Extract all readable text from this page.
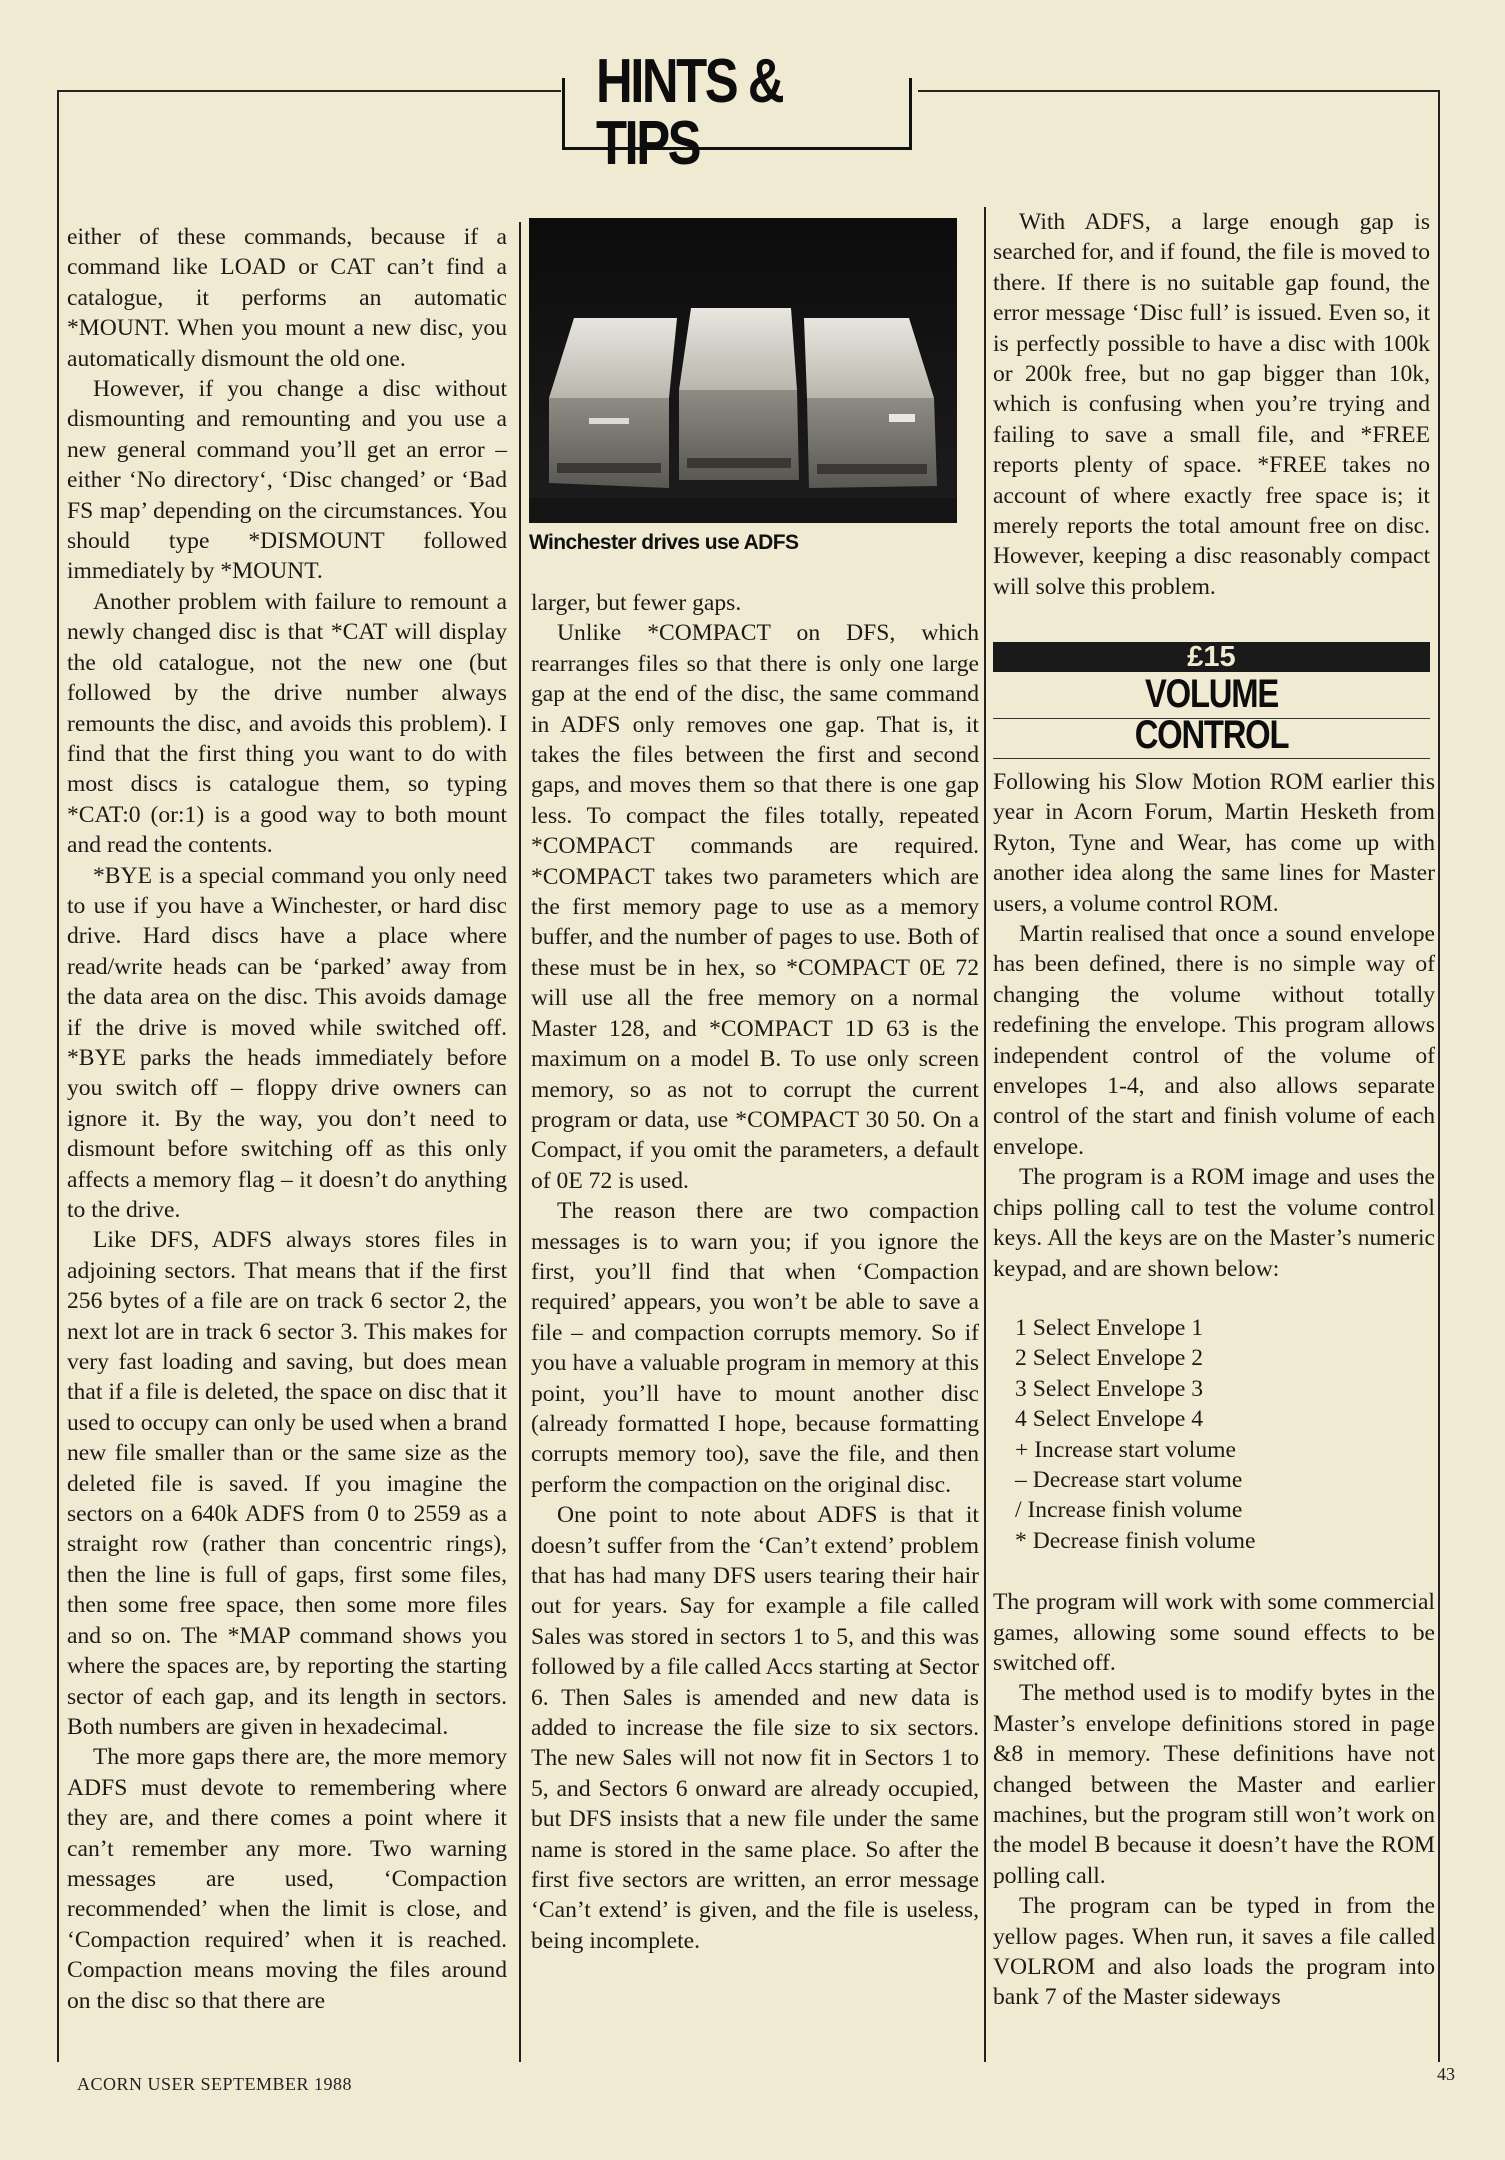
HINTS & TIPS

either of these commands, because if a command like LOAD or CAT can’t find a catalogue, it performs an automatic *MOUNT. When you mount a new disc, you automatically dismount the old one.

However, if you change a disc without dismounting and remounting and you use a new general command you’ll get an error – either ‘No directory‘, ‘Disc changed’ or ‘Bad FS map’ depending on the circumstances. You should type *DISMOUNT followed immediately by *MOUNT.

Another problem with failure to remount a newly changed disc is that *CAT will display the old catalogue, not the new one (but followed by the drive number always remounts the disc, and avoids this problem). I find that the first thing you want to do with most discs is catalogue them, so typing *CAT:0 (or:1) is a good way to both mount and read the contents.

*BYE is a special command you only need to use if you have a Winchester, or hard disc drive. Hard discs have a place where read/write heads can be ‘parked’ away from the data area on the disc. This avoids damage if the drive is moved while switched off. *BYE parks the heads immediately before you switch off – floppy drive owners can ignore it. By the way, you don’t need to dismount before switching off as this only affects a memory flag – it doesn’t do anything to the drive.

Like DFS, ADFS always stores files in adjoining sectors. That means that if the first 256 bytes of a file are on track 6 sector 2, the next lot are in track 6 sector 3. This makes for very fast loading and saving, but does mean that if a file is deleted, the space on disc that it used to occupy can only be used when a brand new file smaller than or the same size as the deleted file is saved. If you imagine the sectors on a 640k ADFS from 0 to 2559 as a straight row (rather than concentric rings), then the line is full of gaps, first some files, then some free space, then some more files and so on. The *MAP command shows you where the spaces are, by reporting the starting sector of each gap, and its length in sectors. Both numbers are given in hexadecimal.

The more gaps there are, the more memory ADFS must devote to remembering where they are, and there comes a point where it can’t remember any more. Two warning messages are used, ‘Compaction recommended’ when the limit is close, and ‘Compaction required’ when it is reached. Compaction means moving the files around on the disc so that there are

Winchester drives use ADFS

larger, but fewer gaps.

Unlike *COMPACT on DFS, which rearranges files so that there is only one large gap at the end of the disc, the same command in ADFS only removes one gap. That is, it takes the files between the first and second gaps, and moves them so that there is one gap less. To compact the files totally, repeated *COMPACT commands are required. *COMPACT takes two parameters which are the first memory page to use as a memory buffer, and the number of pages to use. Both of these must be in hex, so *COMPACT 0E 72 will use all the free memory on a normal Master 128, and *COMPACT 1D 63 is the maximum on a model B. To use only screen memory, so as not to corrupt the current program or data, use *COMPACT 30 50. On a Compact, if you omit the parameters, a default of 0E 72 is used.

The reason there are two compaction messages is to warn you; if you ignore the first, you’ll find that when ‘Compaction required’ appears, you won’t be able to save a file – and compaction corrupts memory. So if you have a valuable program in memory at this point, you’ll have to mount another disc (already formatted I hope, because formatting corrupts memory too), save the file, and then perform the compaction on the original disc.

One point to note about ADFS is that it doesn’t suffer from the ‘Can’t extend’ problem that has had many DFS users tearing their hair out for years. Say for example a file called Sales was stored in sectors 1 to 5, and this was followed by a file called Accs starting at Sector 6. Then Sales is amended and new data is added to increase the file size to six sectors. The new Sales will not now fit in Sectors 1 to 5, and Sectors 6 onward are already occupied, but DFS insists that a new file under the same name is stored in the same place. So after the first five sectors are written, an error message ‘Can’t extend’ is given, and the file is useless, being incomplete.

With ADFS, a large enough gap is searched for, and if found, the file is moved to there. If there is no suitable gap found, the error message ‘Disc full’ is issued. Even so, it is perfectly possible to have a disc with 100k or 200k free, but no gap bigger than 10k, which is confusing when you’re trying and failing to save a small file, and *FREE reports plenty of space. *FREE takes no account of where exactly free space is; it merely reports the total amount free on disc. However, keeping a disc reasonably compact will solve this problem.

£15
VOLUME
CONTROL

Following his Slow Motion ROM earlier this year in Acorn Forum, Martin Hesketh from Ryton, Tyne and Wear, has come up with another idea along the same lines for Master users, a volume control ROM.

Martin realised that once a sound envelope has been defined, there is no simple way of changing the volume without totally redefining the envelope. This program allows independent control of the volume of envelopes 1-4, and also allows separate control of the start and finish volume of each envelope.

The program is a ROM image and uses the chips polling call to test the volume control keys. All the keys are on the Master’s numeric keypad, and are shown below:

1 Select Envelope 1
2 Select Envelope 2
3 Select Envelope 3
4 Select Envelope 4
+ Increase start volume
– Decrease start volume
/ Increase finish volume
* Decrease finish volume

The program will work with some commercial games, allowing some sound effects to be switched off.

The method used is to modify bytes in the Master’s envelope definitions stored in page &8 in memory. These definitions have not changed between the Master and earlier machines, but the program still won’t work on the model B because it doesn’t have the ROM polling call.

The program can be typed in from the yellow pages. When run, it saves a file called VOLROM and also loads the program into bank 7 of the Master sideways

ACORN USER SEPTEMBER 1988	43
